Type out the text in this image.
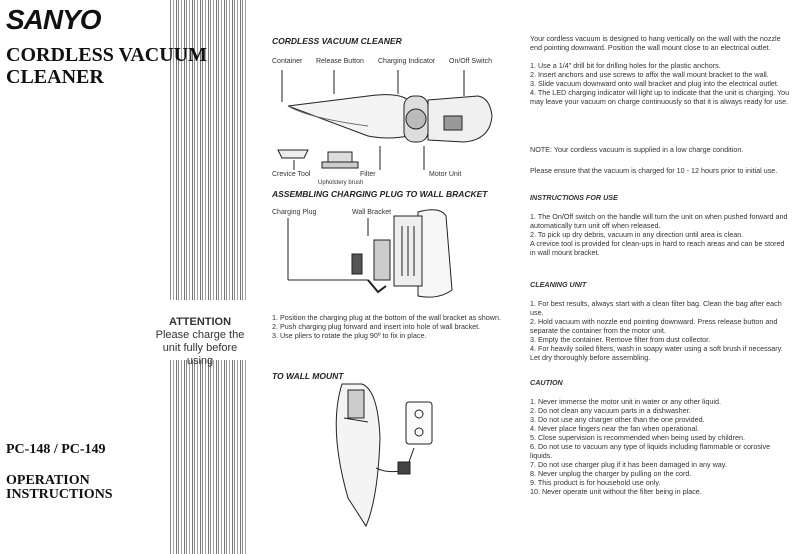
SANYO
CORDLESS VACUUM
CLEANER
ATTENTION
Please charge the unit fully before using
PC-148 / PC-149
OPERATION
INSTRUCTIONS
CORDLESS VACUUM CLEANER
Container Release Button Charging Indicator On/Off Switch
Crevice Tool	Filter	Motor Unit
Upholstery brush
ASSEMBLING CHARGING PLUG TO WALL BRACKET
Charging Plug	Wall Bracket
1. Position the charging plug at the bottom of the wall bracket as shown.
2. Push charging plug forward and insert into hole of wall bracket.
3. Use pliers to rotate the plug 90º to fix in place.
TO WALL MOUNT
Your cordless vacuum is designed to hang vertically on the wall with the nozzle end pointing downward. Position the wall mount close to an electrical outlet.
1. Use a 1/4" drill bit for drilling holes for the plastic anchors.
2. Insert anchors and use screws to affix the wall mount bracket to the wall.
3. Slide vacuum downward onto wall bracket and plug into the electrical outlet.
4. The LED charging indicator will light up to indicate that the unit is charging. You may leave your vacuum on charge continuously so that it is always ready for use.
NOTE: Your cordless vacuum is supplied in a low charge condition.
Please ensure that the vacuum is charged for 10 - 12 hours prior to initial use.
INSTRUCTIONS FOR USE
1. The On/Off switch on the handle will turn the unit on when pushed forward and automatically turn unit off when released.
2. To pick up dry debris, vacuum in any direction until area is clean.
A crevice tool is provided for clean-ups in hard to reach areas and can be stored in wall mount bracket.
CLEANING UNIT
1. For best results, always start with a clean filter bag. Clean the bag after each use.
2. Hold vacuum with nozzle end pointing downward. Press release button and separate the container from the motor unit.
3. Empty the container. Remove filter from dust collector.
4. For heavily soiled filters, wash in soapy water using a soft brush if necessary. Let dry thoroughly before assembling.
CAUTION
1. Never immerse the motor unit in water or any other liquid.
2. Do not clean any vacuum parts in a dishwasher.
3. Do not use any charger other than the one provided.
4. Never place fingers near the fan when operational.
5. Close supervision is recommended when being used by children.
6. Do not use to vacuum any type of liquids including flammable or corosive liquids.
7. Do not use charger plug if it has been damaged in any way.
8. Never unplug the charger by pulling on the cord.
9. This product is for household use only.
10. Never operate unit without the filter being in place.
